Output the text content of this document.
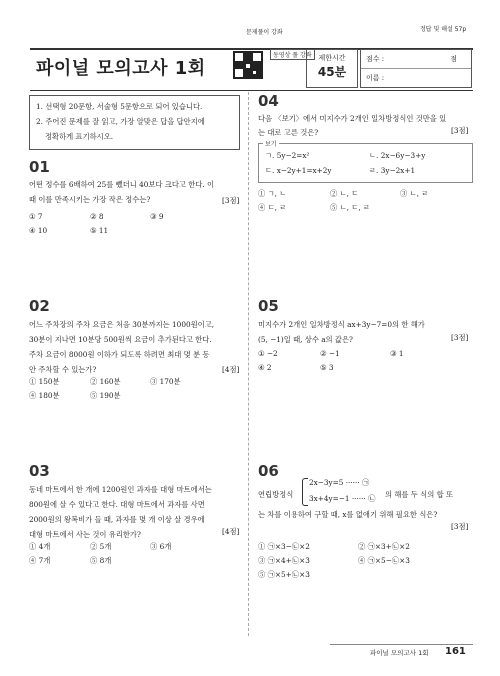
문제풀이 강좌	정답 및 해설 57p
파이널 모의고사 1회
동영상 풀 강좌 제한시간
45분
점수 :	점
이름 :
1. 선택형 20문항, 서술형 5문항으로 되어 있습니다.
2. 주어진 문제를 잘 읽고, 가장 알맞은 답을 답안지에
정확하게 표기하시오.
01
어떤 정수를 6배하여 25를 뺐더니 40보다 크다고 한다. 이
때 이를 만족시키는 가장 작은 정수는?	[3점]
① 7	② 8	③ 9
④ 10	⑤ 11
02
어느 주차장의 주차 요금은 처음 30분까지는 1000원이고,
30분이 지나면 10분당 500원씩 요금이 추가된다고 한다.
주차 요금이 8000원 이하가 되도록 하려면 최대 몇 분 동
안 주차할 수 있는가?	[4점]
① 150분	② 160분	③ 170분
④ 180분	⑤ 190분
03
동네 마트에서 한 개에 1200원인 과자를 대형 마트에서는
800원에 살 수 있다고 한다. 대형 마트에서 과자를 사면
2000원의 왕복비가 들 때, 과자를 몇 개 이상 살 경우에
대형 마트에서 사는 것이 유리한가?	[4점]
① 4개	② 5개	③ 6개
④ 7개	⑤ 8개
04
다음 〈보기〉에서 미지수가 2개인 일차방정식인 것만을 있
는 대로 고른 것은?	[3점]
보기
ㄱ. 5y−2=x²	ㄴ. 2x−6y−3+y
ㄷ. x−2y+1=x+2y	ㄹ. 3y−2x+1
① ㄱ, ㄴ	② ㄴ, ㄷ	③ ㄴ, ㄹ
④ ㄷ, ㄹ	⑤ ㄴ, ㄷ, ㄹ
05
미지수가 2개인 일차방정식 ax+3y−7=0의 한 해가
(5, −1)일 때, 상수 a의 값은?	[3점]
① −2	② −1	③ 1
④ 2	⑤ 3
06
연립방정식
2x−3y=5 ······ ㉠
3x+4y=−1 ······ ㉡ 의 해를 두 식의 합 또
는 차를 이용하여 구할 때, x를 없애기 위해 필요한 식은?
[3점]
① ㉠×3−㉡×2	② ㉠×3+㉡×2
③ ㉠×4+㉡×3	④ ㉠×5−㉡×3
⑤ ㉠×5+㉡×3
파이널 모의고사 1회 161
